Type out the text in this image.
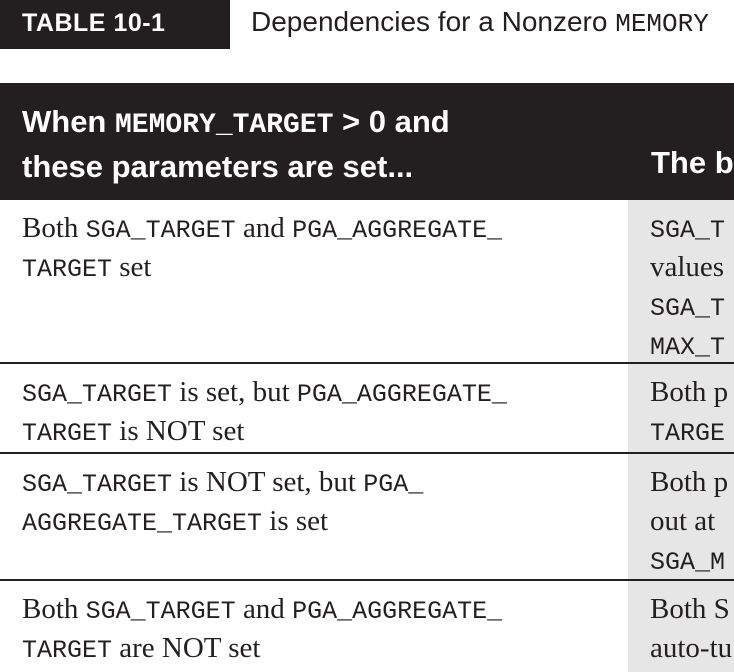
TABLE 10-1	Dependencies for a Nonzero MEMORY
When MEMORY_TARGET > 0 and
these parameters are set...	The b
Both SGA_TARGET and PGA_AGGREGATE_
TARGET set
SGA_T
values
SGA_T
MAX_T
SGA_TARGET is set, but PGA_AGGREGATE_
TARGET is NOT set
Both p
TARGE
SGA_TARGET is NOT set, but PGA_
AGGREGATE_TARGET is set
Both p
out at
SGA_M
Both SGA_TARGET and PGA_AGGREGATE_
TARGET are NOT set
Both S
auto-tu
